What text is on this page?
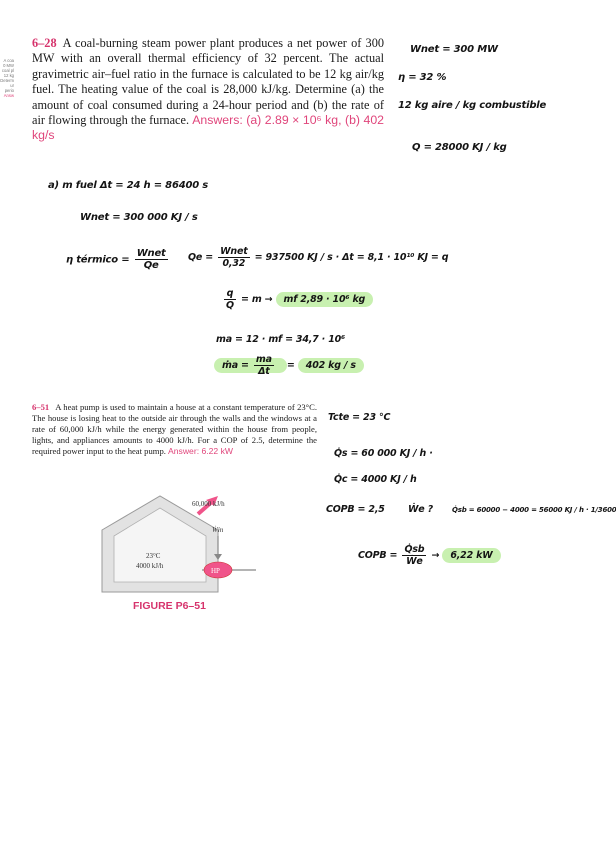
A coa
0 MW
coal pl
12 kg
Determ
ur perio
Answ
6–28 A coal-burning steam power plant produces a net power of 300 MW with an overall thermal efficiency of 32 percent. The actual gravimetric air–fuel ratio in the furnace is calculated to be 12 kg air/kg fuel. The heating value of the coal is 28,000 kJ/kg. Determine (a) the amount of coal consumed during a 24-hour period and (b) the rate of air flowing through the furnace. Answers: (a) 2.89 × 10⁶ kg, (b) 402 kg/s
Wnet = 300 MW
η = 32 %
12 kg aire / kg combustible
Q = 28000 KJ / kg
a) m fuel Δt = 24 h = 86400 s
Wnet = 300 000 KJ / s
η térmico = $\frac{\text{Wnet}}{Qe}$ $Qe = \frac{\text{Wnet}}{0,32} = 937500$ KJ / s · Δt = 8,1 · 10¹⁰ KJ = q
$\frac{q}{Q} = m$ → mf 2,89 · 10⁶ kg
ma = 12 · mf = 34,7 · 10⁶
ṁa = $\frac{ma}{\Delta t} = 402$ kg / s
6–51 A heat pump is used to maintain a house at a constant temperature of 23°C. The house is losing heat to the outside air through the walls and the windows at a rate of 60,000 kJ/h while the energy generated within the house from people, lights, and appliances amounts to 4000 kJ/h. For a COP of 2.5, determine the required power input to the heat pump. Answer: 6.22 kW
60,000 kJ/h
Ẇin
HP
23°C
4000 kJ/h
FIGURE P6–51
Tcte = 23 °C
Q̇s = 60 000 KJ / h ·
Q̇c = 4000 KJ / h
COPB = 2,5 Ẇe ?	Q̇sb = 60000 − 4000 = 56000 KJ / h · 1/3600
COPB = $\frac{Q̇sb}{\text{Ẇe}} \to 6,22$ kW
